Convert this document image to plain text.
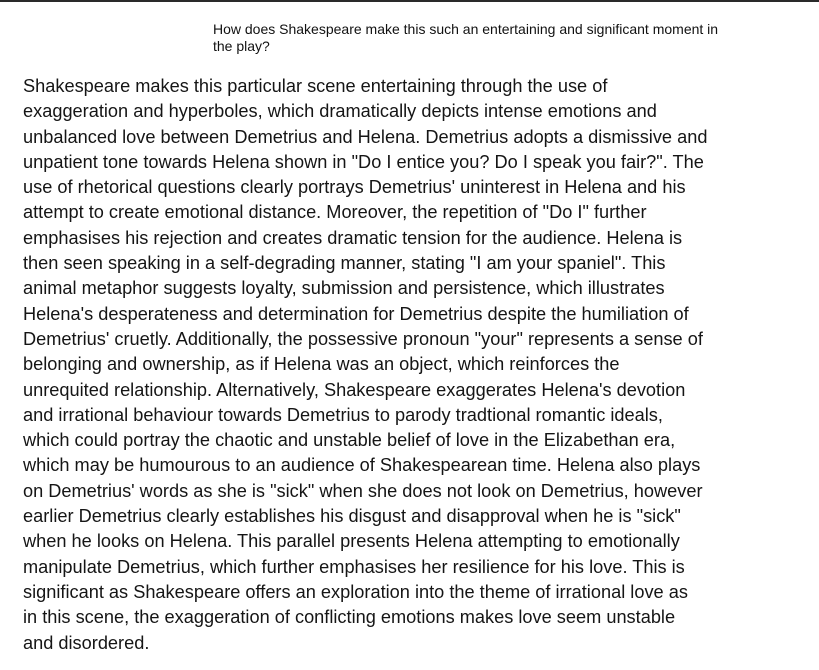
How does Shakespeare make this such an entertaining and significant moment in
the play?
Shakespeare makes this particular scene entertaining through the use of
exaggeration and hyperboles, which dramatically depicts intense emotions and
unbalanced love between Demetrius and Helena. Demetrius adopts a dismissive and
unpatient tone towards Helena shown in "Do I entice you? Do I speak you fair?". The
use of rhetorical questions clearly portrays Demetrius' uninterest in Helena and his
attempt to create emotional distance. Moreover, the repetition of "Do I" further
emphasises his rejection and creates dramatic tension for the audience. Helena is
then seen speaking in a self-degrading manner, stating "I am your spaniel". This
animal metaphor suggests loyalty, submission and persistence, which illustrates
Helena's desperateness and determination for Demetrius despite the humiliation of
Demetrius' cruetly. Additionally, the possessive pronoun "your" represents a sense of
belonging and ownership, as if Helena was an object, which reinforces the
unrequited relationship. Alternatively, Shakespeare exaggerates Helena's devotion
and irrational behaviour towards Demetrius to parody tradtional romantic ideals,
which could portray the chaotic and unstable belief of love in the Elizabethan era,
which may be humourous to an audience of Shakespearean time. Helena also plays
on Demetrius' words as she is "sick" when she does not look on Demetrius, however
earlier Demetrius clearly establishes his disgust and disapproval when he is "sick"
when he looks on Helena. This parallel presents Helena attempting to emotionally
manipulate Demetrius, which further emphasises her resilience for his love. This is
significant as Shakespeare offers an exploration into the theme of irrational love as
in this scene, the exaggeration of conflicting emotions makes love seem unstable
and disordered.
